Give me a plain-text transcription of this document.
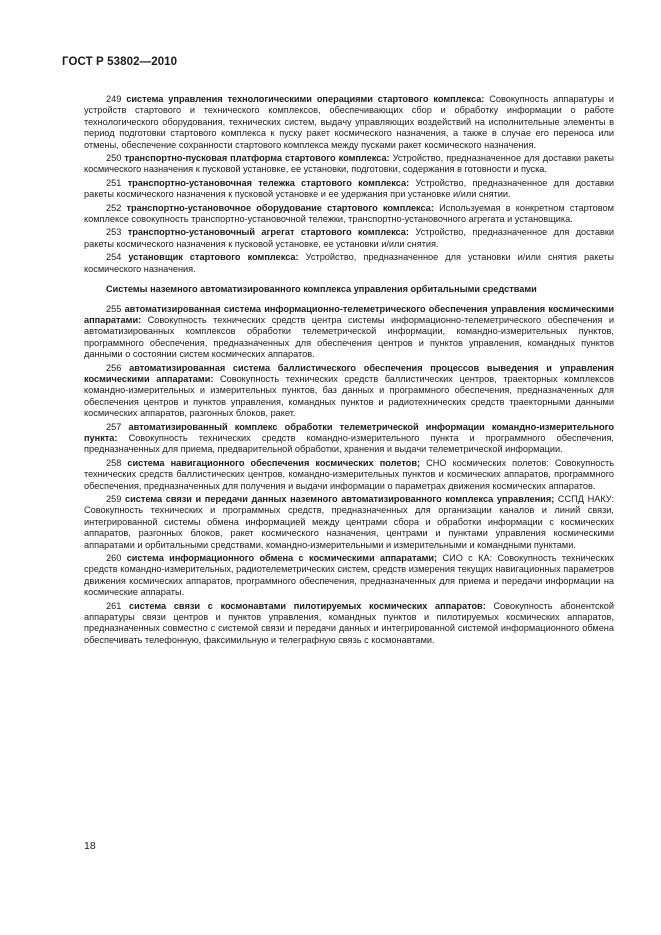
ГОСТ Р 53802—2010

249 система управления технологическими операциями стартового комплекса: Совокупность аппаратуры и устройств стартового и технического комплексов, обеспечивающих сбор и обработку информации о работе технологического оборудования, технических систем, выдачу управляющих воздействий на исполнительные элементы в период подготовки стартового комплекса к пуску ракет космического назначения, а также в случае его переноса или отмены, обеспечение сохранности стартового комплекса между пусками ракет космического назначения.

250 транспортно-пусковая платформа стартового комплекса: Устройство, предназначенное для доставки ракеты космического назначения к пусковой установке, ее установки, подготовки, содержания в готовности и пуска.

251 транспортно-установочная тележка стартового комплекса: Устройство, предназначенное для доставки ракеты космического назначения к пусковой установке и ее удержания при установке и/или снятии.

252 транспортно-установочное оборудование стартового комплекса: Используемая в конкретном стартовом комплексе совокупность транспортно-установочной тележки, транспортно-установочного агрегата и установщика.

253 транспортно-установочный агрегат стартового комплекса: Устройство, предназначенное для доставки ракеты космического назначения к пусковой установке, ее установки и/или снятия.

254 установщик стартового комплекса: Устройство, предназначенное для установки и/или снятия ракеты космического назначения.

Системы наземного автоматизированного комплекса управления орбитальными средствами

255 автоматизированная система информационно-телеметрического обеспечения управления космическими аппаратами: Совокупность технических средств центра системы информационно-телеметрического обеспечения и автоматизированных комплексов обработки телеметрической информации, командно-измерительных пунктов, программного обеспечения, предназначенных для обеспечения центров и пунктов управления, командных пунктов данными о состоянии систем космических аппаратов.

256 автоматизированная система баллистического обеспечения процессов выведения и управления космическими аппаратами: Совокупность технических средств баллистических центров, траекторных комплексов командно-измерительных и измерительных пунктов, баз данных и программного обеспечения, предназначенных для обеспечения центров и пунктов управления, командных пунктов и радиотехнических средств траекторными данными космических аппаратов, разгонных блоков, ракет.

257 автоматизированный комплекс обработки телеметрической информации командно-измерительного пункта: Совокупность технических средств командно-измерительного пункта и программного обеспечения, предназначенных для приема, предварительной обработки, хранения и выдачи телеметрической информации.

258 система навигационного обеспечения космических полетов; СНО космических полетов: Совокупность технических средств баллистических центров, командно-измерительных пунктов и космических аппаратов, программного обеспечения, предназначенных для получения и выдачи информации о параметрах движения космических аппаратов.

259 система связи и передачи данных наземного автоматизированного комплекса управления; ССПД НАКУ: Совокупность технических и программных средств, предназначенных для организации каналов и линий связи, интегрированной системы обмена информацией между центрами сбора и обработки информации с космических аппаратов, разгонных блоков, ракет космического назначения, центрами и пунктами управления космическими аппаратами и орбитальными средствами, командно-измерительными и измерительными и командными пунктами.

260 система информационного обмена с космическими аппаратами; СИО с КА: Совокупность технических средств командно-измерительных, радиотелеметрических систем, средств измерения текущих навигационных параметров движения космических аппаратов, программного обеспечения, предназначенных для приема и передачи информации на космические аппараты.

261 система связи с космонавтами пилотируемых космических аппаратов: Совокупность абонентской аппаратуры связи центров и пунктов управления, командных пунктов и пилотируемых космических аппаратов, предназначенных совместно с системой связи и передачи данных и интегрированной системой информационного обмена обеспечивать телефонную, факсимильную и телеграфную связь с космонавтами.

18
